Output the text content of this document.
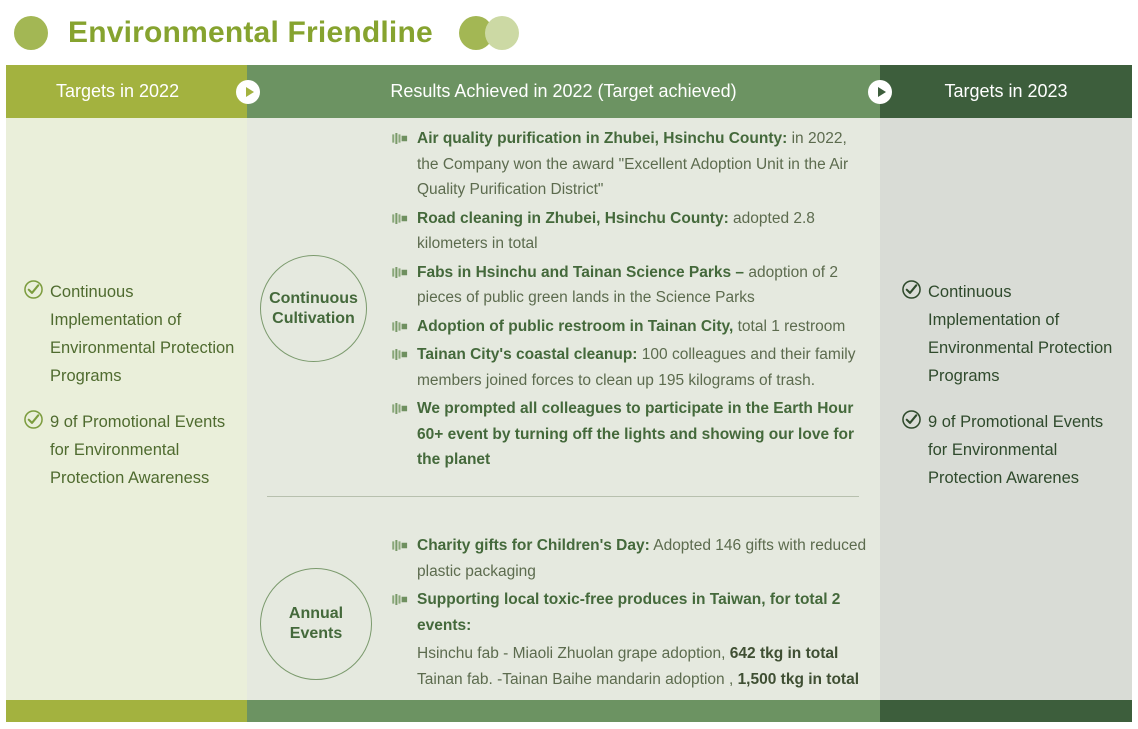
Environmental Friendline
Targets in 2022	Results Achieved in 2022 (Target achieved)	Targets in 2023
Continuous Implementation of Environmental Protection Programs
9 of Promotional Events for Environmental Protection Awareness
Continuous Cultivation
Annual Events
Air quality purification in Zhubei, Hsinchu County: in 2022, the Company won the award "Excellent Adoption Unit in the Air Quality Purification District"
Road cleaning in Zhubei, Hsinchu County: adopted 2.8 kilometers in total
Fabs in Hsinchu and Tainan Science Parks – adoption of 2 pieces of public green lands in the Science Parks
Adoption of public restroom in Tainan City, total 1 restroom
Tainan City's coastal cleanup: 100 colleagues and their family members joined forces to clean up 195 kilograms of trash.
We prompted all colleagues to participate in the Earth Hour 60+ event by turning off the lights and showing our love for the planet
Charity gifts for Children's Day: Adopted 146 gifts with reduced plastic packaging
Supporting local toxic-free produces in Taiwan, for total 2 events:
Hsinchu fab - Miaoli Zhuolan grape adoption, 642 tkg in total
Tainan fab. -Tainan Baihe mandarin adoption , 1,500 tkg in total
Continuous Implementation of Environmental Protection Programs
9 of Promotional Events for Environmental Protection Awarenes
